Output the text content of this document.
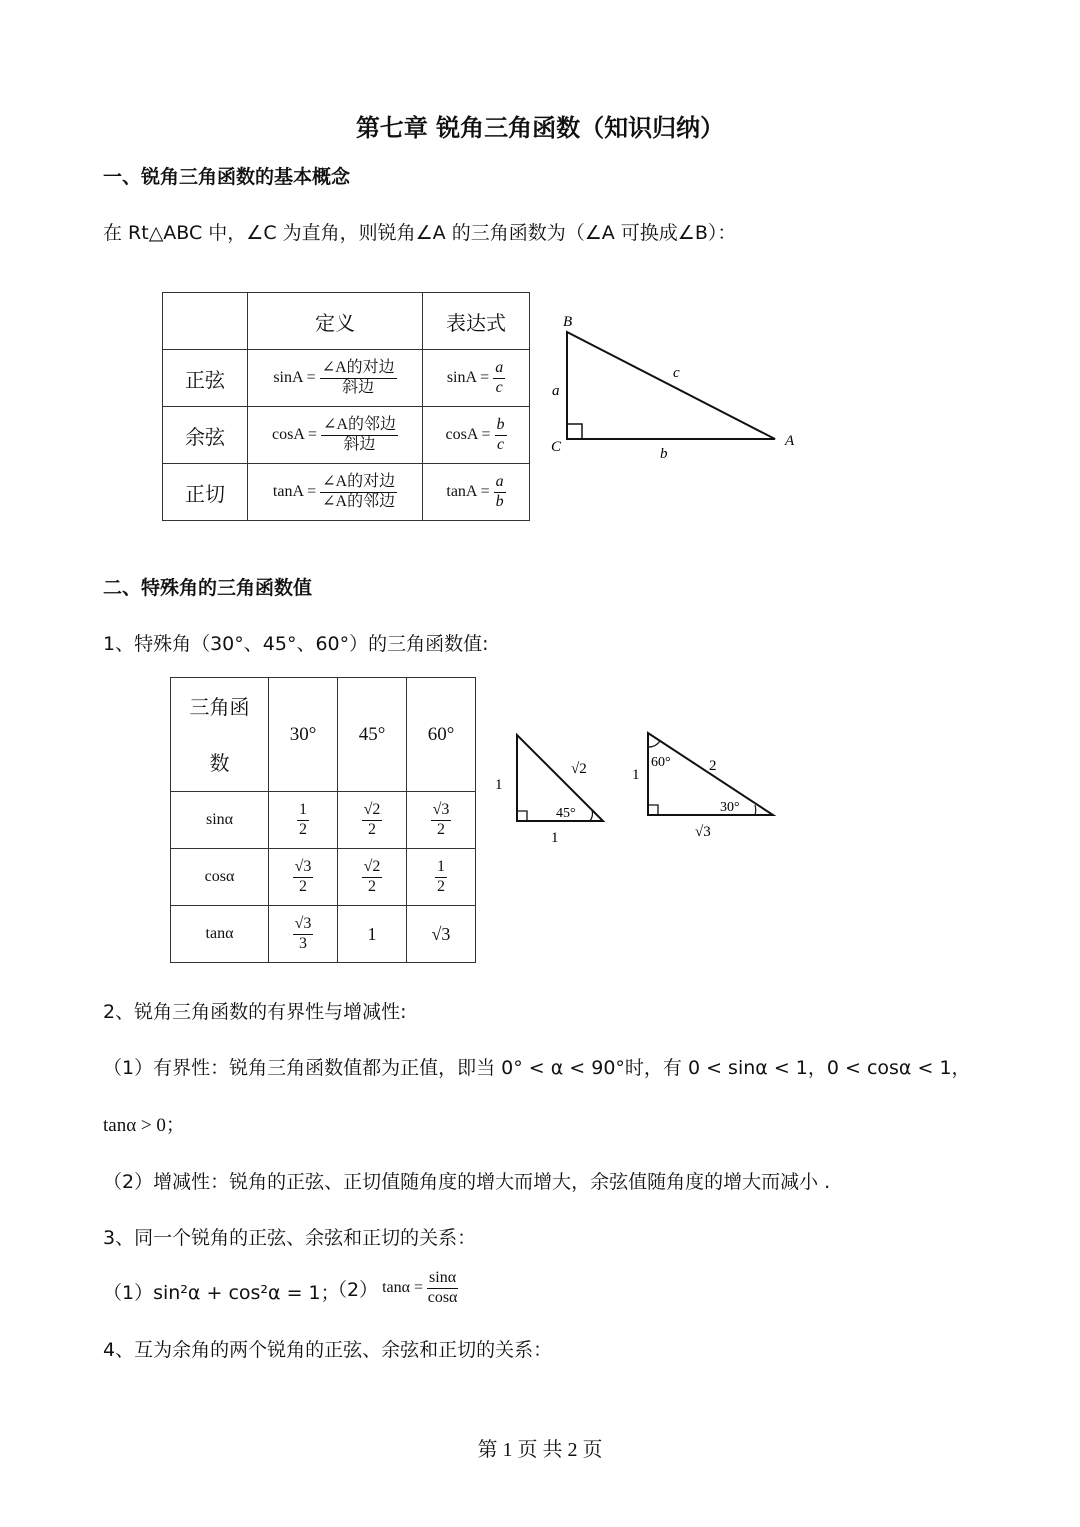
第七章 锐角三角函数（知识归纳）
一、锐角三角函数的基本概念
在 Rt△ABC 中，∠C 为直角，则锐角∠A 的三角函数为（∠A 可换成∠B）：
	定义	表达式
正弦	$\sin A = \frac{\text{∠A的对边}}{\text{斜边}}$	$\sin A = \frac{a}{c}$

余弦	$\cos A = \frac{\text{∠A的邻边}}{\text{斜边}}$	$\cos A = \frac{b}{c}$

正切	$\tan A = \frac{\text{∠A的对边}}{\text{∠A的邻边}}$	$\tan A = \frac{a}{b}$
B
C	A
a
b
c
二、特殊角的三角函数值
1、特殊角（30°、45°、60°）的三角函数值:
三角函
数	30°	45°	60°
sinα	$\frac{1}{2}$	$\frac{√2}{2}$	$\frac{√3}{2}$

cosα	$\frac{√3}{2}$	$\frac{√2}{2}$	$\frac{1}{2}$

tanα	$\frac{√3}{3}$	1	√3
1
1
√2
45°
1
√3
2
60°
30°
2、锐角三角函数的有界性与增减性:
（1）有界性：锐角三角函数值都为正值，即当 0° < α < 90°时，有 0 < sinα < 1，0 < cosα < 1，
tanα > 0；
（2）增减性：锐角的正弦、正切值随角度的增大而增大，余弦值随角度的增大而减小 .
3、同一个锐角的正弦、余弦和正切的关系：
（1）sin²α + cos²α = 1；
（2） $\tan\alpha = \frac{\sin\alpha}{\cos\alpha}$
4、互为余角的两个锐角的正弦、余弦和正切的关系：
第 1 页 共 2 页
